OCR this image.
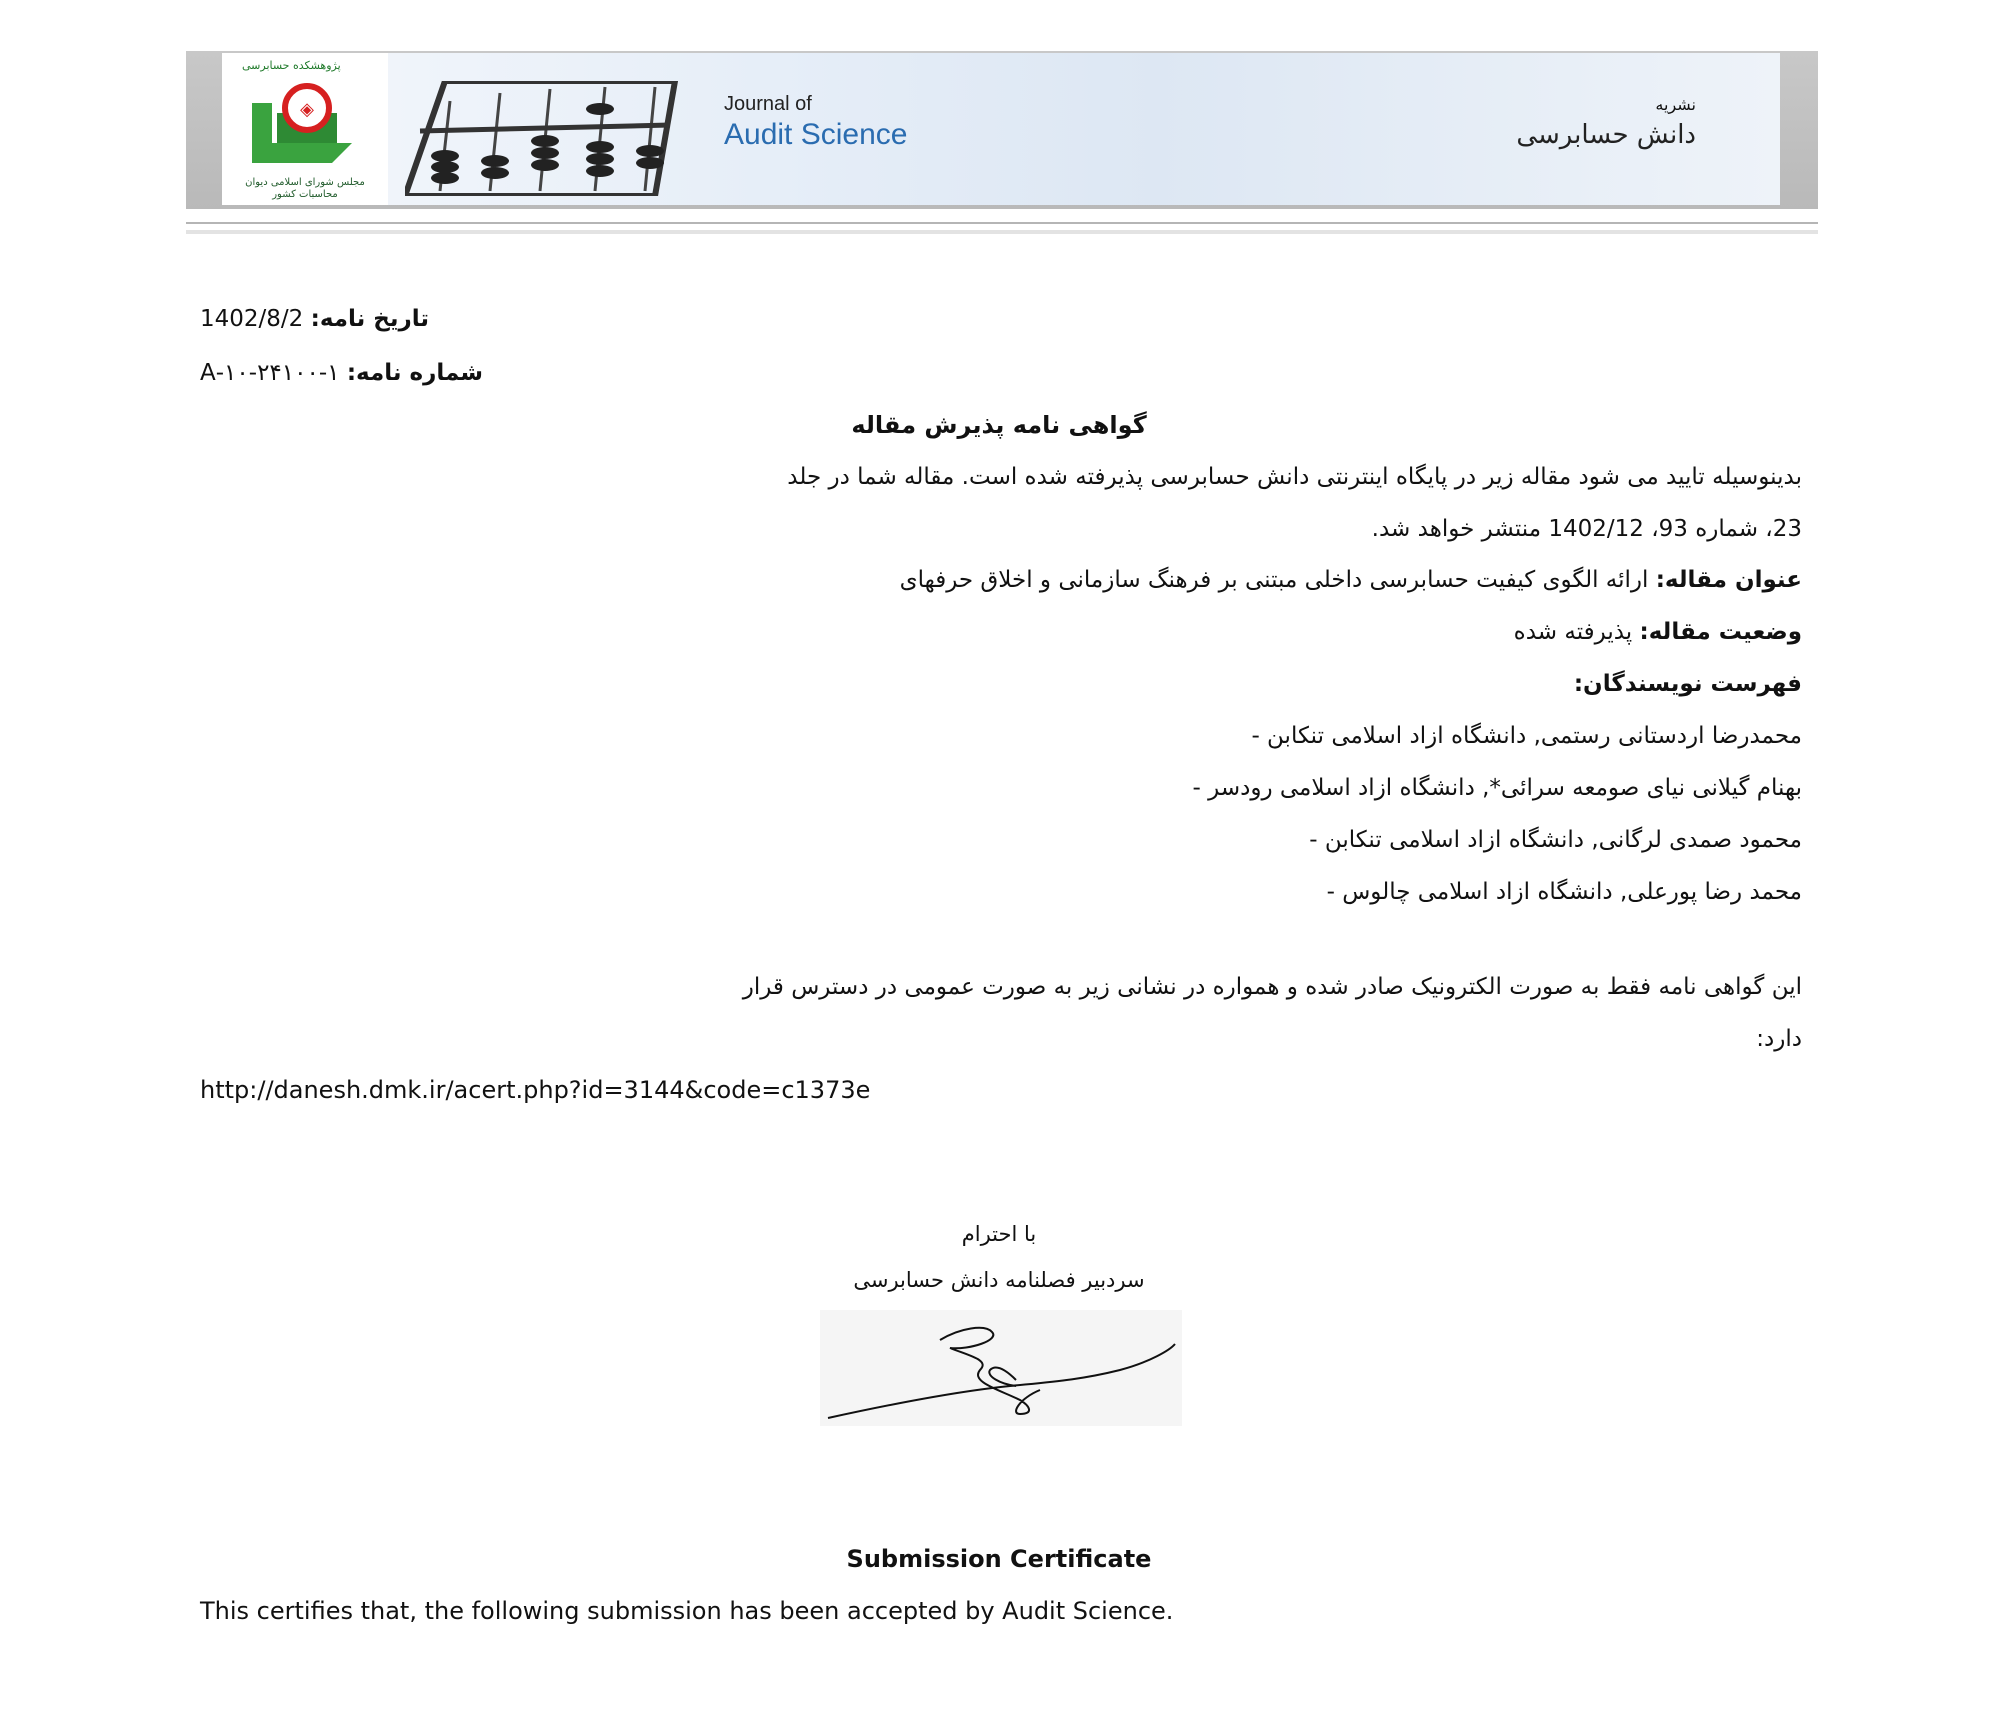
پژوهشکده حسابرسی
◈
مجلس شورای اسلامی دیوان محاسبات کشور
Journal of
Audit Science
نشریه
دانش حسابرسی
تاریخ نامه: 1402/8/2
شماره نامه: ۱-۲۴۱۰۰-۱۰-A
گواهی نامه پذیرش مقاله
بدینوسیله تایید می شود مقاله زیر در پایگاه اینترنتی دانش حسابرسی پذیرفته شده است. مقاله شما در جلد
23، شماره 93، 1402/12 منتشر خواهد شد.
عنوان مقاله: ارائه الگوی کیفیت حسابرسی داخلی مبتنی بر فرهنگ سازمانی و اخلاق حرفهای
وضعیت مقاله: پذیرفته شده
فهرست نویسندگان:
محمدرضا اردستانی رستمی, دانشگاه ازاد اسلامی تنکابن -
بهنام گیلانی نیای صومعه سرائی*, دانشگاه ازاد اسلامی رودسر -
محمود صمدی لرگانی, دانشگاه ازاد اسلامی تنکابن -
محمد رضا پورعلی, دانشگاه ازاد اسلامی چالوس -
این گواهی نامه فقط به صورت الکترونیک صادر شده و همواره در نشانی زیر به صورت عمومی در دسترس قرار
دارد:
http://danesh.dmk.ir/acert.php?id=3144&code=c1373e
با احترام
سردبیر فصلنامه دانش حسابرسی
Submission Certificate
This certifies that, the following submission has been accepted by Audit Science.
